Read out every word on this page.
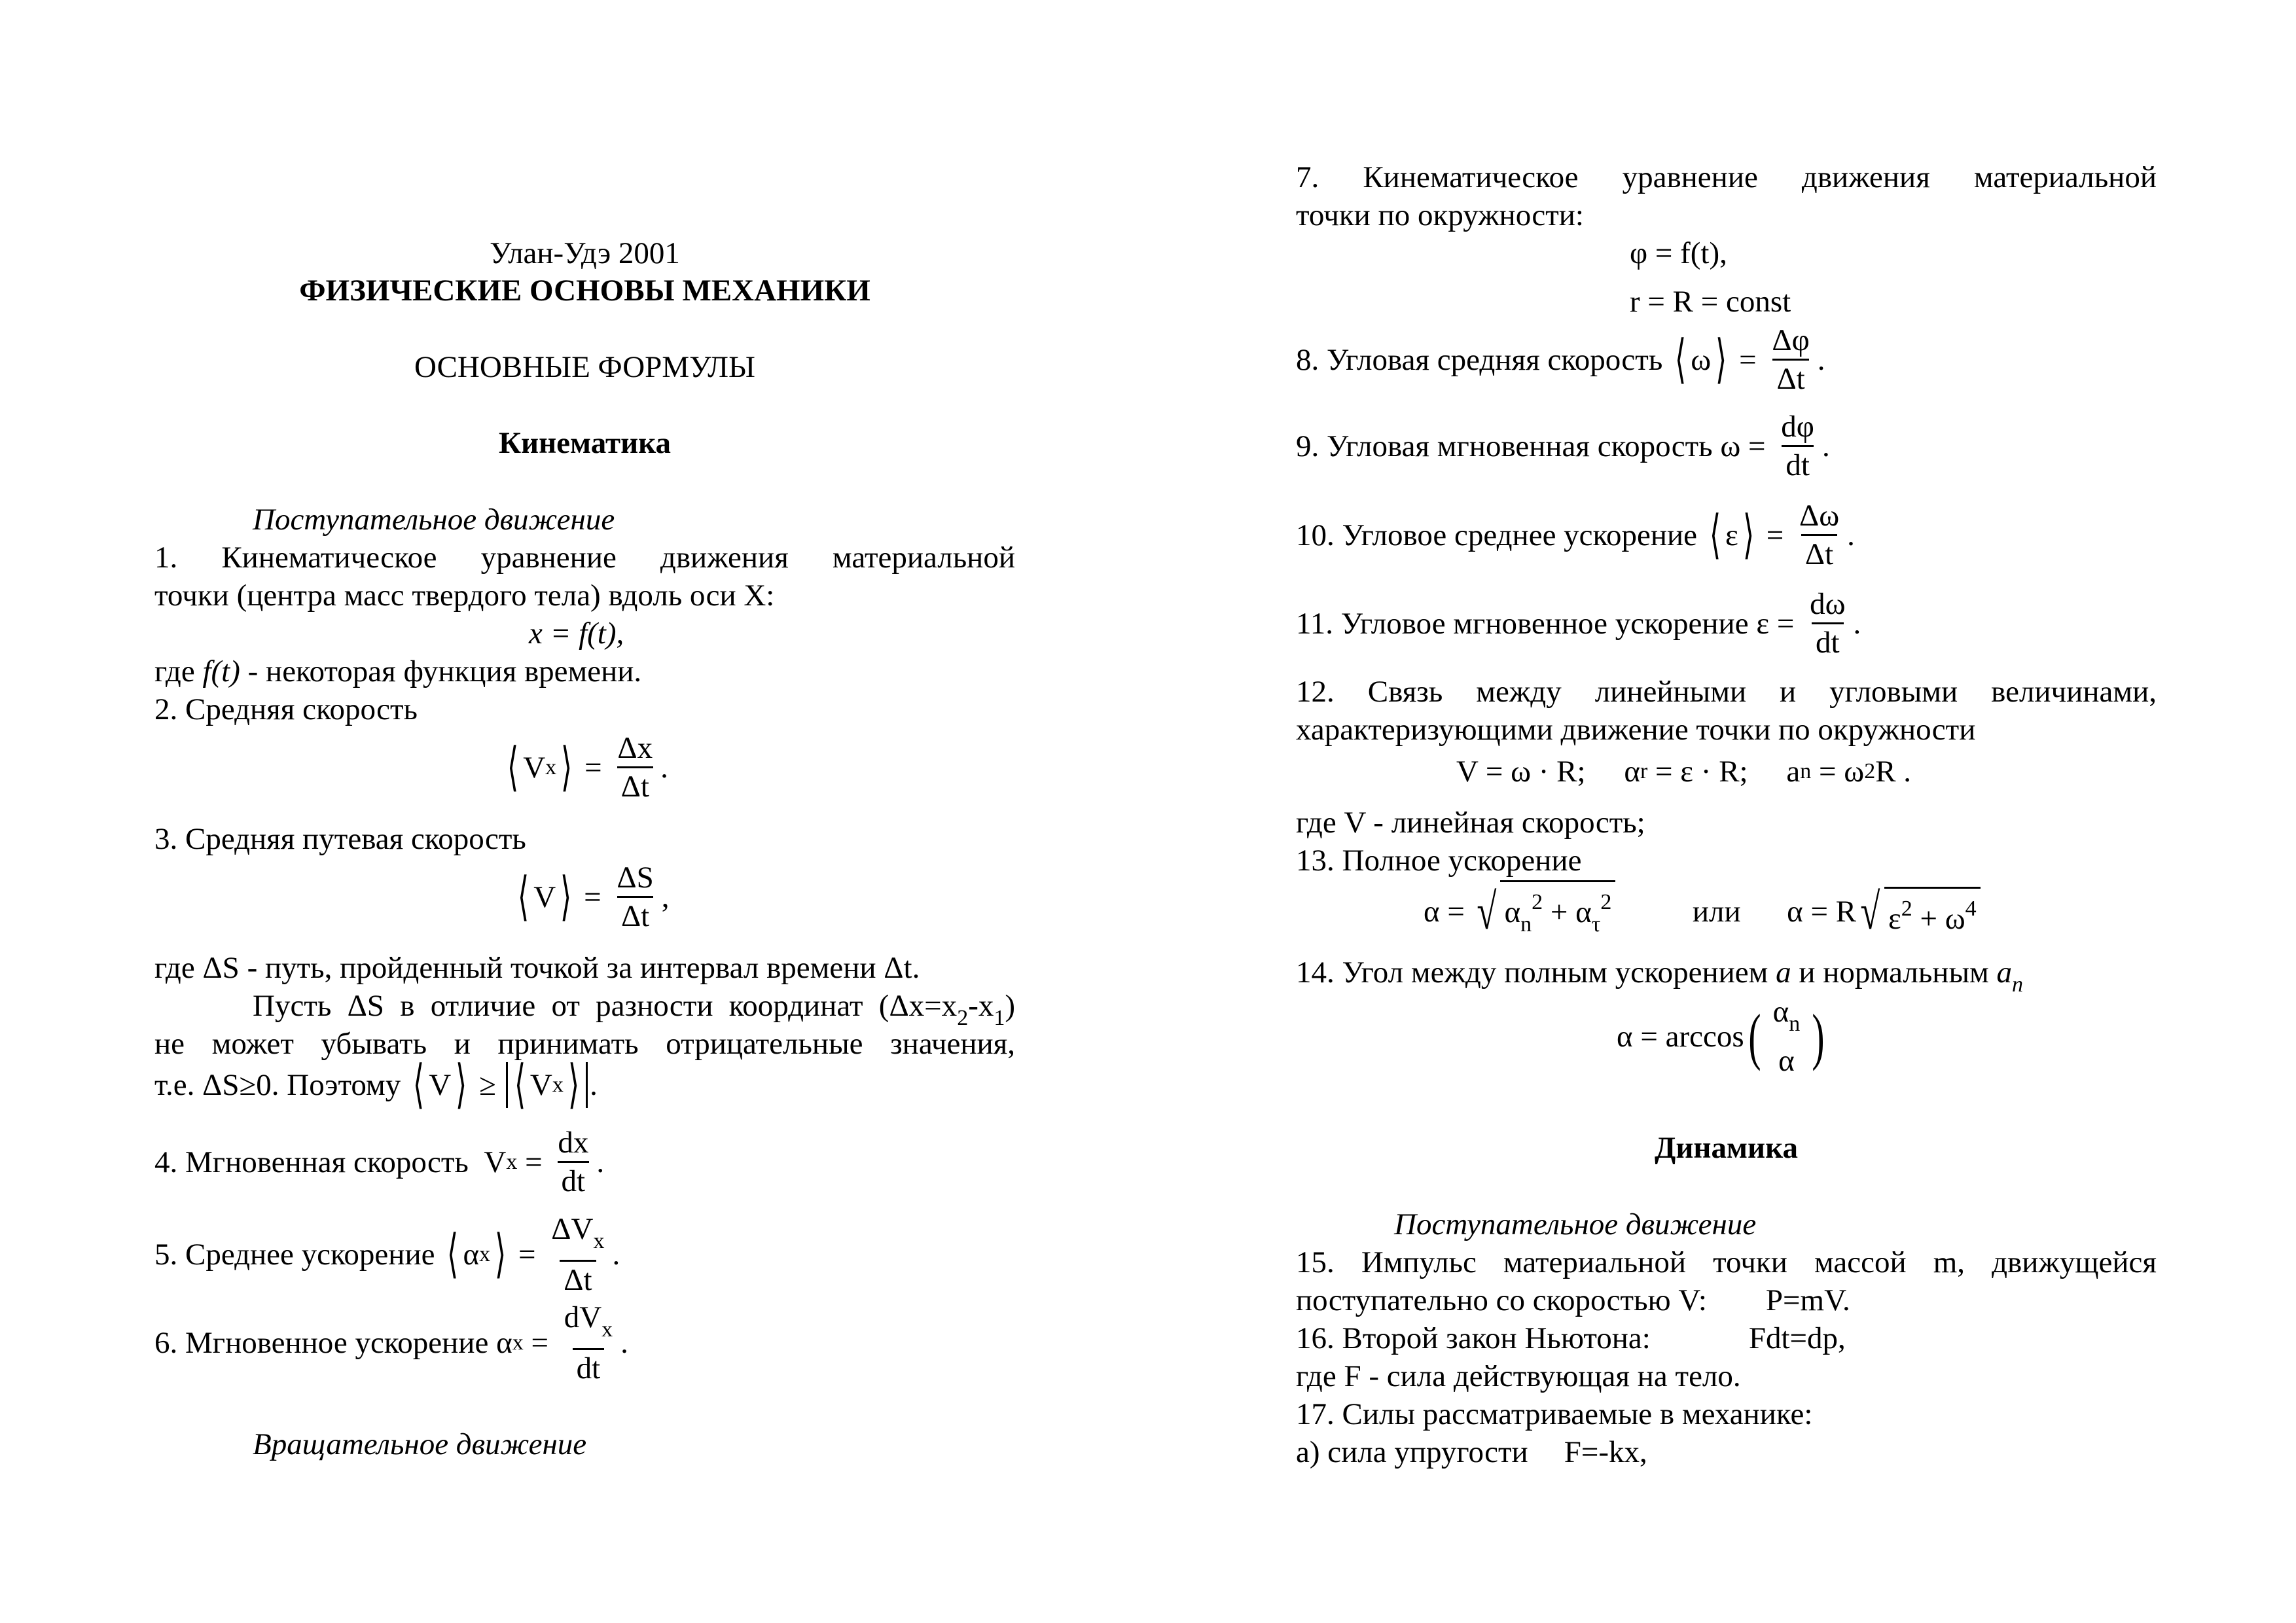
Улан-Удэ 2001
ФИЗИЧЕСКИЕ ОСНОВЫ МЕХАНИКИ
ОСНОВНЫЕ ФОРМУЛЫ
Кинематика
Поступательное движение
1. Кинематическое уравнение движения материальной
точки (центра масс твердого тела) вдоль оси X:
x = f(t),
где f(t) - некоторая функция времени.
2. Средняя скорость
⟨ V x ⟩ = $\frac{\Delta x}{\Delta t}$ .
3. Средняя путевая скорость
⟨ V ⟩ = $\frac{\Delta S}{\Delta t}$ ,
где ΔS - путь, пройденный точкой за интервал времени Δt.
Пусть ΔS в отличие от разности координат $(\Delta x=x_2-x_1)$
не может убывать и принимать отрицательные значения,
т.е. ΔS≥0. Поэтому
⟨ V ⟩ ≥ ⟨ V x ⟩ .
4. Мгновенная скорость
V $x = \frac{dx}{dt}$ .
5. Среднее ускорение
⟨ α x ⟩ = $\frac{\Delta V_x}{\Delta t}$ .
6. Мгновенное ускорение
α $x = \frac{dV_x}{dt}$ .
Вращательное движение
7. Кинематическое уравнение движения материальной
точки по окружности:
φ = f(t),
r = R = const
8. Угловая средняя скорость
⟨ ω ⟩ = $\frac{\Delta\varphi}{\Delta t}$ .
9. Угловая мгновенная скорость
ω =
$\frac{d\varphi}{dt}$ .
10. Угловое среднее ускорение
⟨ ε ⟩ = $\frac{\Delta\omega}{\Delta t}$ .
11. Угловое мгновенное ускорение
ε =
$\frac{d\omega}{dt}$ .
12. Связь между линейными и угловыми величинами,
характеризующими движение точки по окружности
V = ω · R; α r = ε · R; a n = ω 2 R .
где V - линейная скорость;
13. Полное ускорение
α = √ $\alpha_n^2 + \alpha_\tau^2$
	или
α = R √ $\varepsilon^2 + \omega^4$
14. Угол между полным ускорением a и нормальным $a_n$
α = arccos ( $\alpha_n$
α )
Динамика
Поступательное движение
15. Импульс материальной точки массой m, движущейся
поступательно со скоростью V: P=mV.
16. Второй закон Ньютона:	Fdt=dp,
где F - сила действующая на тело.
17. Силы рассматриваемые в механике:
а) сила упругости F=-kx,
